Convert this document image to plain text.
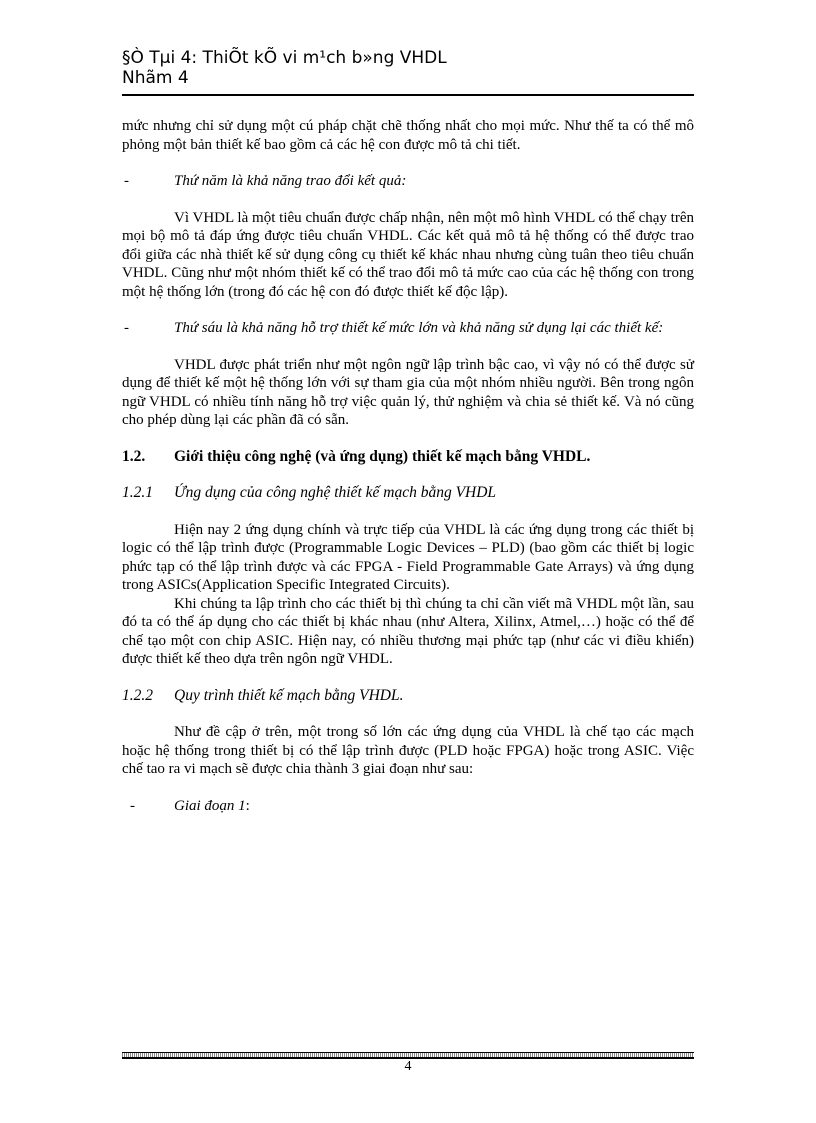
§Ò Tµi 4: ThiÕt kÕ vi m¹ch b»ng VHDL
Nhãm 4

mức nhưng chỉ sử dụng một cú pháp chặt chẽ thống nhất cho mọi mức. Như thế ta có thể mô phỏng một bản thiết kế bao gồm cả các hệ con được mô tả chi tiết.

-	Thứ năm là khả năng trao đổi kết quả:

Vì VHDL là một tiêu chuẩn được chấp nhận, nên một mô hình VHDL có thể chạy trên mọi bộ mô tả đáp ứng được tiêu chuẩn VHDL. Các kết quả mô tả hệ thống có thể được trao đổi giữa các nhà thiết kế sử dụng công cụ thiết kế khác nhau nhưng cùng tuân theo tiêu chuẩn VHDL. Cũng như một nhóm thiết kế có thể trao đổi mô tả mức cao của các hệ thống con trong một hệ thống lớn (trong đó các hệ con đó được thiết kế độc lập).

-	Thứ sáu là khả năng hỗ trợ thiết kế mức lớn và khả năng sử dụng lại các thiết kế:

VHDL được phát triển như một ngôn ngữ lập trình bậc cao, vì vậy nó có thể được sử dụng để thiết kế một hệ thống lớn với sự tham gia của một nhóm nhiều người. Bên trong ngôn ngữ VHDL có nhiều tính năng hỗ trợ việc quản lý, thử nghiệm và chia sẻ thiết kế. Và nó cũng cho phép dùng lại các phần đã có sẵn.

1.2.	Giới thiệu công nghệ (và ứng dụng) thiết kế mạch bằng VHDL.
1.2.1	Ứng dụng của công nghệ thiết kế mạch bằng VHDL

Hiện nay 2 ứng dụng chính và trực tiếp của VHDL là các ứng dụng trong các thiết bị logic có thể lập trình được (Programmable Logic Devices – PLD) (bao gồm các thiết bị logic phức tạp có thể lập trình được và các FPGA - Field Programmable Gate Arrays) và ứng dụng trong ASICs(Application Specific Integrated Circuits).

Khi chúng ta lập trình cho các thiết bị thì chúng ta chỉ cần viết mã VHDL một lần, sau đó ta có thể áp dụng cho các thiết bị khác nhau (như Altera, Xilinx, Atmel,…) hoặc có thể để chế tạo một con chip ASIC. Hiện nay, có nhiều thương mại phức tạp (như các vi điều khiển) được thiết kế theo dựa trên ngôn ngữ VHDL.

1.2.2	Quy trình thiết kế mạch bằng VHDL.

Như đề cập ở trên, một trong số lớn các ứng dụng của VHDL là chế tạo các mạch hoặc hệ thống trong thiết bị có thể lập trình được (PLD hoặc FPGA) hoặc trong ASIC. Việc chế tao ra vi mạch sẽ được chia thành 3 giai đoạn như sau:

-	Giai đoạn 1:
4
